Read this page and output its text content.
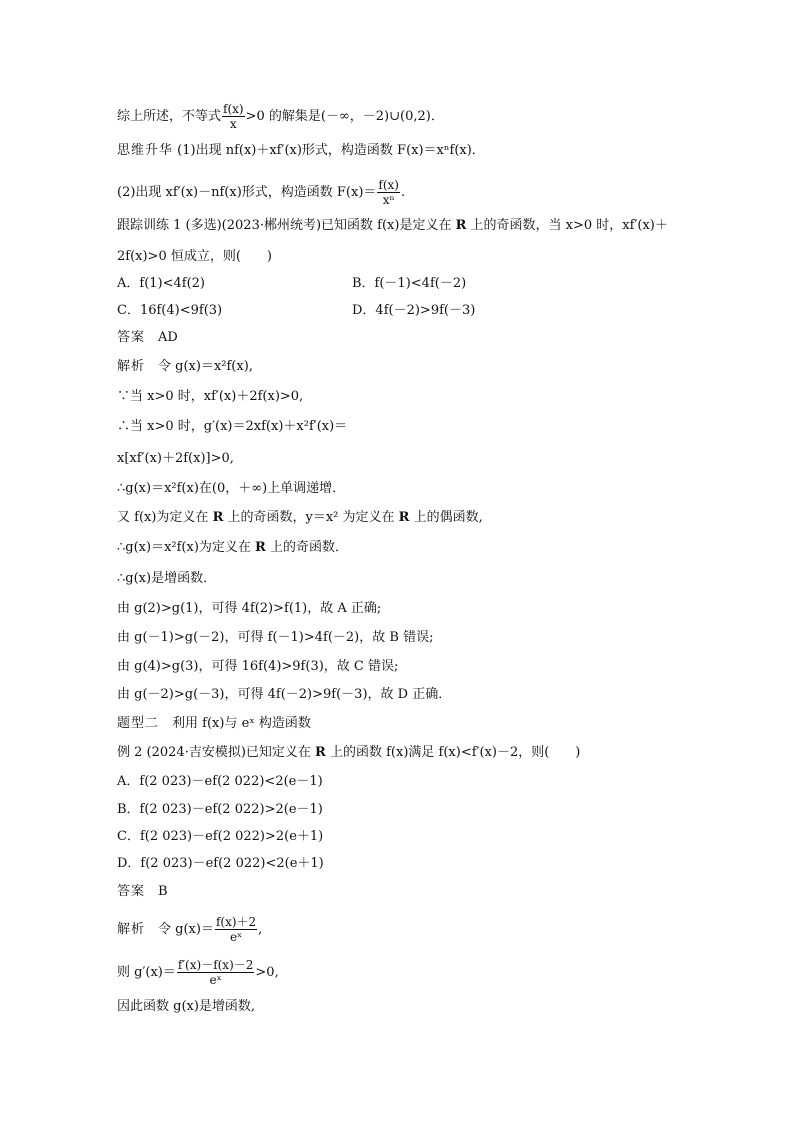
综上所述，不等式 $\frac{f(x)}{x} >0$ 的解集是(－∞，－2)∪(0,2)．
思维升华 (1)出现 nf(x)＋xf′(x)形式，构造函数 F(x)＝xⁿf(x)．
(2)出现 xf′(x)－nf(x)形式，构造函数 $F(x)= \frac{f(x)}{\text{xⁿ}}$ .
跟踪训练 1 (多选)(2023·郴州统考)已知函数 f(x)是定义在 R 上的奇函数，当 x>0 时，xf′(x)＋
2f(x)>0 恒成立，则(　　)
A．f(1)<4f(2)	B．f(－1)<4f(－2)
C．16f(4)<9f(3)	D．4f(－2)>9f(－3)
答案　AD
解析　令 g(x)＝x²f(x),
∵当 x>0 时，xf′(x)＋2f(x)>0,
∴当 x>0 时，g′(x)＝2xf(x)＋x²f′(x)＝
x[xf′(x)＋2f(x)]>0,
∴g(x)＝x²f(x)在(0，＋∞)上单调递增．
又 f(x)为定义在 R 上的奇函数，y＝x² 为定义在 R 上的偶函数,
∴g(x)＝x²f(x)为定义在 R 上的奇函数．
∴g(x)是增函数．
由 g(2)>g(1)，可得 4f(2)>f(1)，故 A 正确;
由 g(－1)>g(－2)，可得 f(－1)>4f(－2)，故 B 错误;
由 g(4)>g(3)，可得 16f(4)>9f(3)，故 C 错误;
由 g(－2)>g(－3)，可得 4f(－2)>9f(－3)，故 D 正确．
题型二　利用 f(x)与 eˣ 构造函数
例 2 (2024·吉安模拟)已知定义在 R 上的函数 f(x)满足 f(x)<f′(x)－2，则(　　)
A．f(2 023)－ef(2 022)<2(e－1)
B．f(2 023)－ef(2 022)>2(e－1)
C．f(2 023)－ef(2 022)>2(e＋1)
D．f(2 023)－ef(2 022)<2(e＋1)
答案　B
解析　令 $g(x)= \frac{f(x)+2}{\text{eˣ}}$ ,
则 $g'(x)= \frac{f'(x)-f(x)-2}{\text{eˣ}} >0$,
因此函数 g(x)是增函数,
